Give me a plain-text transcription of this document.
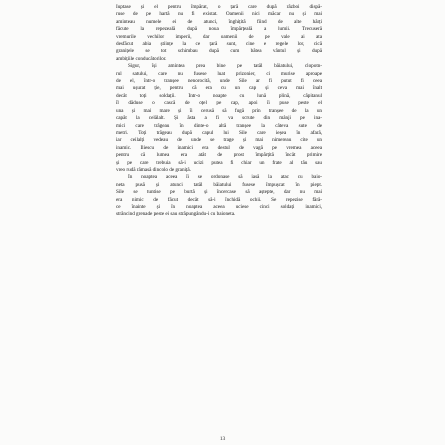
Iuptase și el pentru împărat, o țară care după război dispă-
ruse de pe hartă nu fi existat. Oamenii nici măcar nu și mai
aminteau numele ei de atunci, înghițită fiind de alte hărți
făcute la repezeală după noua împărțeală a lumii. Trecuseră
vremurile vechilor imperii, dar oamenii de pe vale ai ata
desfăcut abia științe la ce țară sunt, cine e regele lor, cică
granițele se tot schimbau după cum bătea vântul și după
ambițiile conducătorilor.
Sigur, își amintea prea bine pe tatăl băiatului, clopotn-
rul satului, care nu fusese luat prizonier, ci murise aproape
de el, într-o tranșee nenorocită, unde Sile ar fi putut fi ceea
mai ușurat ție, pentru că era cu un cap și ceva mai înalt
decât toți soldații. Într-o noapte cu lună plină, căpitanul
îl dăduse o cască de oțel pe cap, apoi îi puse peste el
una și mai mare și îi cerusă să fugă prin tranșee de la un
capăt la celălalt. Și ăsta a fi va scrute din mânji pe ina-
mici care trăgeau în dinte-o altă tranșee la câteva sute de
metri. Toți trăgeau după capul lui Sile care ieșea în afară,
iar ceilalți vedeau de unde se trage și mai nimereau cite un
inamic. Iliescu de inamici era destul de vagă pe vremea aceea
pentru că lumea era atât de prost împărțită încât primire
și pe care trebuia să-i ucizi putea fi chiar un frate al tău sau
vreo rudă rămasă dincolo de graniță.
În noaptea aceea îi se ordonase să iasă la atac cu baio-
neta pusă și atunci tatăl băiatului fusese împușcat în piept.
Sile se tuntise pe burtă și încercase să aștepte, dar nu mai
era nimic de făcut decât să-i închidă ochii. Se repezise fără-
ce înainte și în noaptea aceea uciese cinci soldați inamici,
străncind grenade peste ei sau străpungându-i cu baioneta.
13
